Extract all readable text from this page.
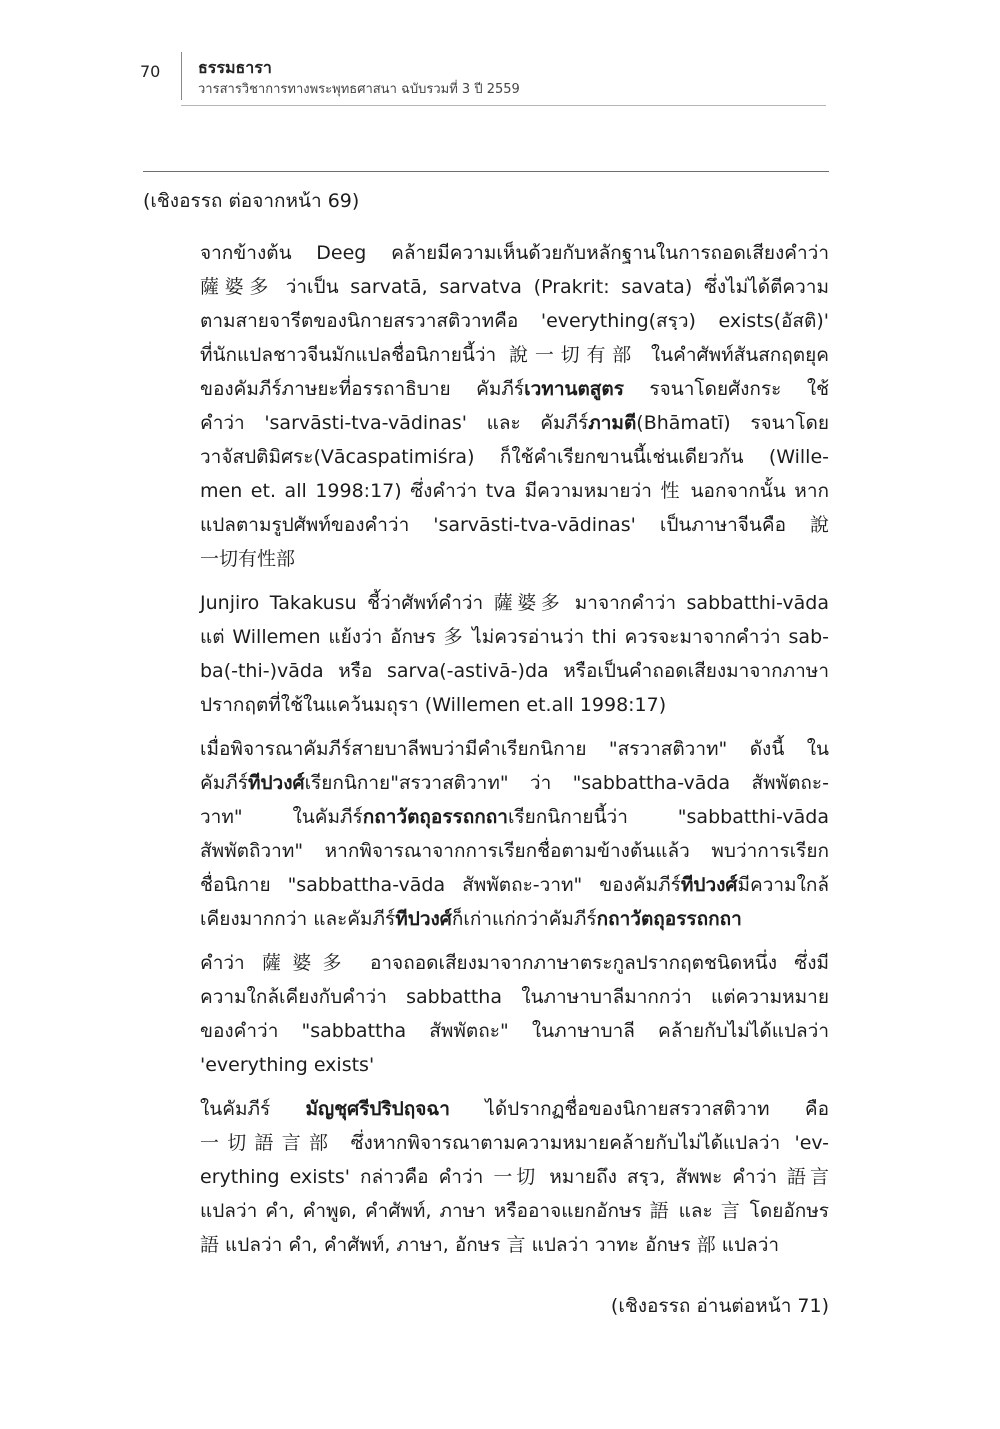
70 ธรรมธารา
วารสารวิชาการทางพระพุทธศาสนา ฉบับรวมที่ 3 ปี 2559
(เชิงอรรถ ต่อจากหน้า 69)
จากข้างต้น Deeg คล้ายมีความเห็นด้วยกับหลักฐานในการถอดเสียงคำว่า
薩婆多 ว่าเป็น sarvatā, sarvatva (Prakrit: savata) ซึ่งไม่ได้ตีความ
ตามสายจารีตของนิกายสรวาสติวาทคือ 'everything(สรฺว) exists(อัสติ)'
ที่นักแปลชาวจีนมักแปลชื่อนิกายนี้ว่า 說一切有部 ในคำศัพท์สันสกฤตยุค
ของคัมภีร์ภาษยะที่อรรถาธิบาย คัมภีร์เวทานตสูตร รจนาโดยศังกระ ใช้
คำว่า 'sarvāsti-tva-vādinas' และ คัมภีร์ภามตี(Bhāmatī) รจนาโดย
วาจัสปติมิศระ(Vācaspatimiśra) ก็ใช้คำเรียกขานนี้เช่นเดียวกัน (Wille-
men et. all 1998:17) ซึ่งคำว่า tva มีความหมายว่า 性 นอกจากนั้น หาก
แปลตามรูปศัพท์ของคำว่า 'sarvāsti-tva-vādinas' เป็นภาษาจีนคือ 說
一切有性部
Junjiro Takakusu ชี้ว่าศัพท์คำว่า 薩婆多 มาจากคำว่า sabbatthi-vāda
แต่ Willemen แย้งว่า อักษร 多 ไม่ควรอ่านว่า thi ควรจะมาจากคำว่า sab-
ba(-thi-)vāda หรือ sarva(-astivā-)da หรือเป็นคำถอดเสียงมาจากภาษา
ปรากฤตที่ใช้ในแคว้นมถุรา (Willemen et.all 1998:17)
เมื่อพิจารณาคัมภีร์สายบาลีพบว่ามีคำเรียกนิกาย "สรวาสติวาท" ดังนี้ ใน
คัมภีร์ทีปวงศ์เรียกนิกาย"สรวาสติวาท" ว่า "sabbattha-vāda สัพพัตถะ-
วาท" ในคัมภีร์กถาวัตถุอรรถกถาเรียกนิกายนี้ว่า "sabbatthi-vāda
สัพพัตถิวาท" หากพิจารณาจากการเรียกชื่อตามข้างต้นแล้ว พบว่าการเรียก
ชื่อนิกาย "sabbattha-vāda สัพพัตถะ-วาท" ของคัมภีร์ทีปวงศ์มีความใกล้
เคียงมากกว่า และคัมภีร์ทีปวงศ์ก็เก่าแก่กว่าคัมภีร์กถาวัตถุอรรถกถา
คำว่า 薩婆多 อาจถอดเสียงมาจากภาษาตระกูลปรากฤตชนิดหนึ่ง ซึ่งมี
ความใกล้เคียงกับคำว่า sabbattha ในภาษาบาลีมากกว่า แต่ความหมาย
ของคำว่า "sabbattha สัพพัตถะ" ในภาษาบาลี คล้ายกับไม่ได้แปลว่า
'everything exists'
ในคัมภีร์ มัญชุศรีปริปฤจฉา ได้ปรากฏชื่อของนิกายสรวาสติวาท คือ
一切語言部 ซึ่งหากพิจารณาตามความหมายคล้ายกับไม่ได้แปลว่า 'ev-
erything exists' กล่าวคือ คำว่า 一切 หมายถึง สรฺว, สัพพะ คำว่า 語言
แปลว่า คำ, คำพูด, คำศัพท์, ภาษา หรืออาจแยกอักษร 語 และ 言 โดยอักษร
語 แปลว่า คำ, คำศัพท์, ภาษา, อักษร 言 แปลว่า วาทะ อักษร 部 แปลว่า
(เชิงอรรถ อ่านต่อหน้า 71)
